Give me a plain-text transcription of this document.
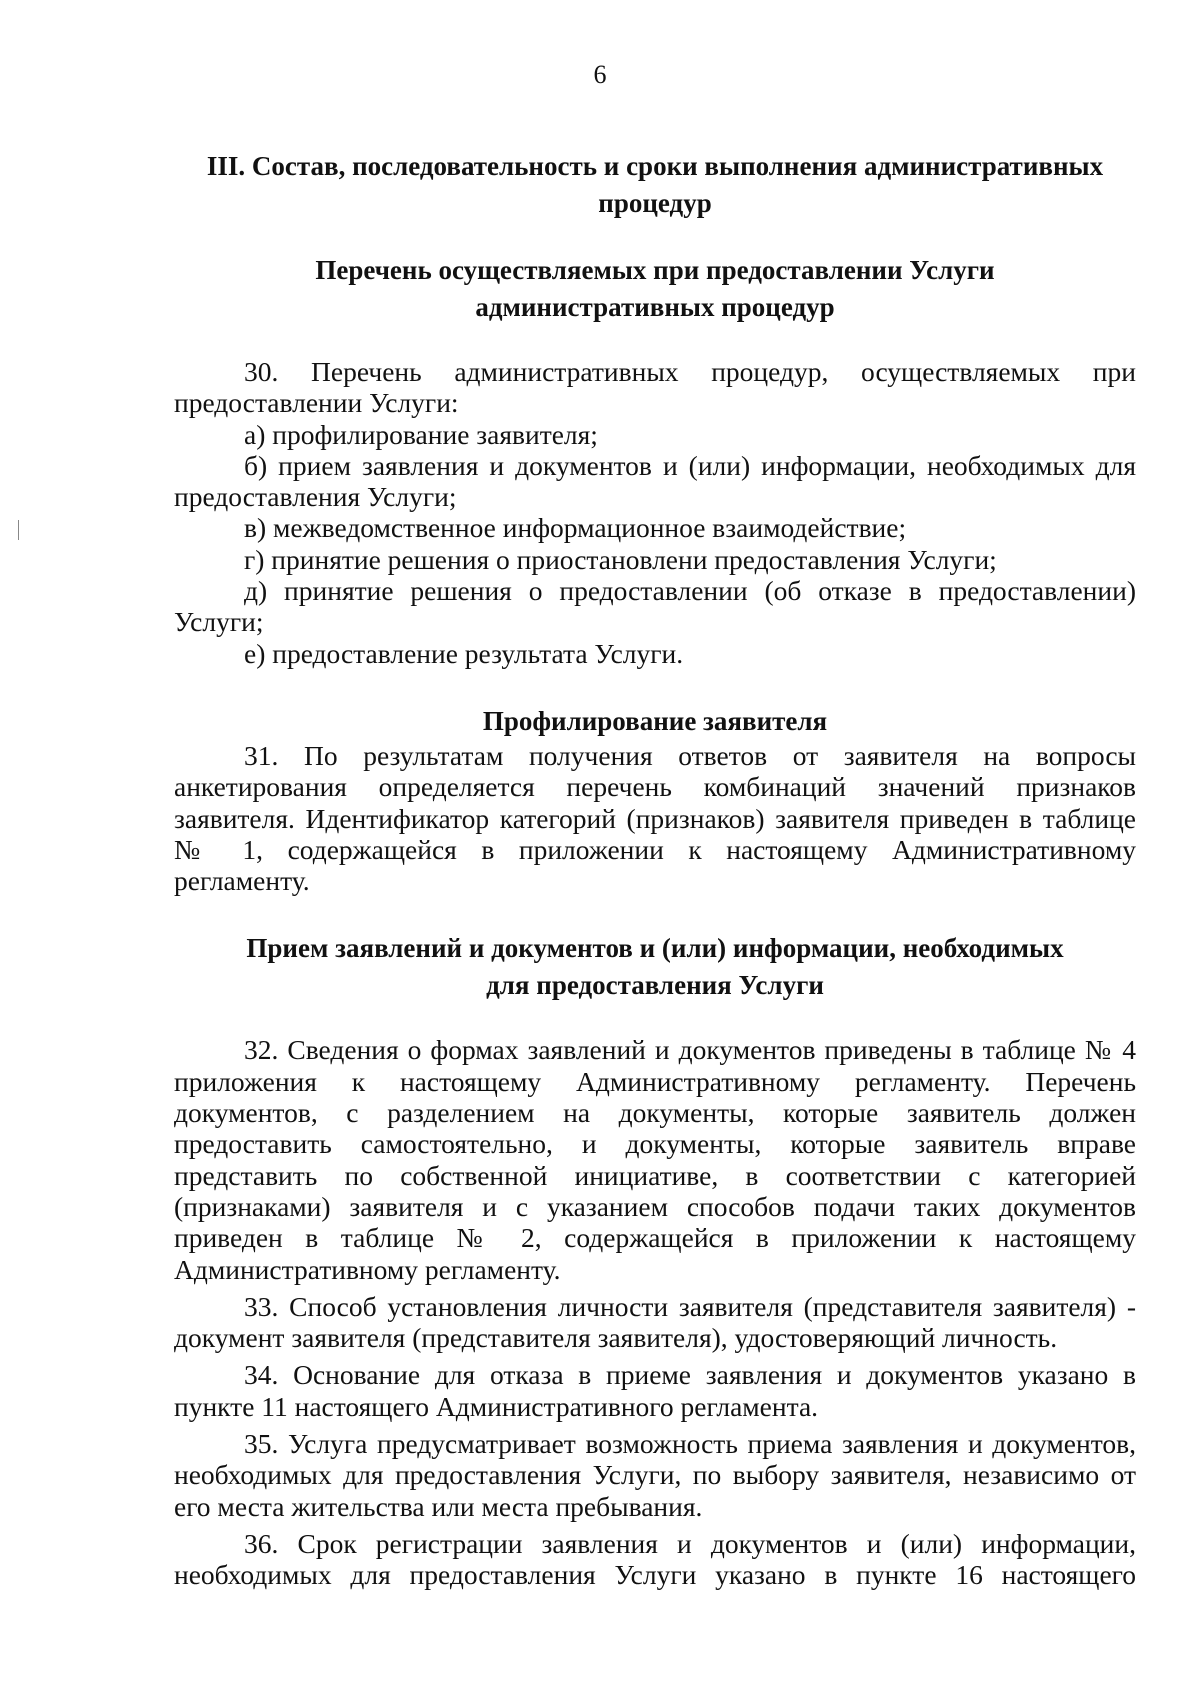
6
III. Состав, последовательность и сроки выполнения административных
процедур
Перечень осуществляемых при предоставлении Услуги
административных процедур

30. Перечень административных процедур, осуществляемых при предоставлении Услуги:

а) профилирование заявителя;

б) прием заявления и документов и (или) информации, необходимых для предоставления Услуги;

в) межведомственное информационное взаимодействие;

г) принятие решения о приостановлени предоставления Услуги;

д) принятие решения о предоставлении (об отказе в предоставлении) Услуги;

е) предоставление результата Услуги.

Профилирование заявителя

31. По результатам получения ответов от заявителя на вопросы анкетирования определяется перечень комбинаций значений признаков заявителя. Идентификатор категорий (признаков) заявителя приведен в таблице № 1, содержащейся в приложении к настоящему Административному регламенту.

Прием заявлений и документов и (или) информации, необходимых
для предоставления Услуги

32. Сведения о формах заявлений и документов приведены в таблице № 4 приложения к настоящему Административному регламенту. Перечень документов, с разделением на документы, которые заявитель должен предоставить самостоятельно, и документы, которые заявитель вправе представить по собственной инициативе, в соответствии с категорией (признаками) заявителя и с указанием способов подачи таких документов приведен в таблице № 2, содержащейся в приложении к настоящему Административному регламенту.

33. Способ установления личности заявителя (представителя заявителя) - документ заявителя (представителя заявителя), удостоверяющий личность.

34. Основание для отказа в приеме заявления и документов указано в пункте 11 настоящего Административного регламента.

35. Услуга предусматривает возможность приема заявления и документов, необходимых для предоставления Услуги, по выбору заявителя, независимо от его места жительства или места пребывания.

36. Срок регистрации заявления и документов и (или) информации, необходимых для предоставления Услуги указано в пункте 16 настоящего
